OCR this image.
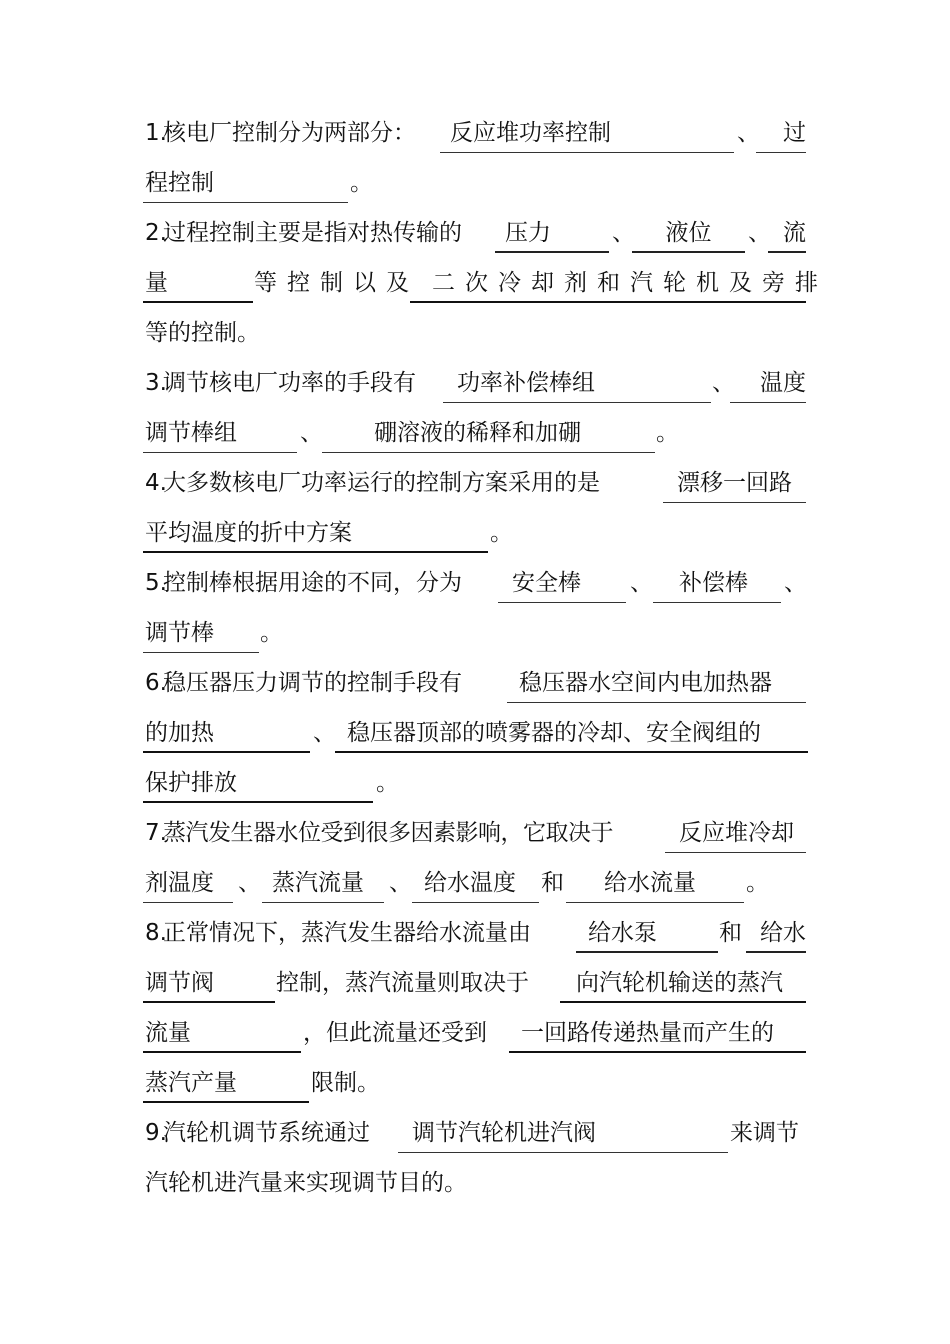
1.
核电厂控制分为两部分：	反应堆功率控制	、	过
程控制	。
2.
过程控制主要是指对热传输的	压力	、	液位	、 流
量	等控制以及 二次冷却剂和汽轮机及旁排
等的控制。
3.
调节核电厂功率的手段有	功率补偿棒组	、	温度
调节棒组	、	硼溶液的稀释和加硼	。
4.
大多数核电厂功率运行的控制方案采用的是	漂移一回路
平均温度的折中方案	。
5.
控制棒根据用途的不同，分为	安全棒	、	补偿棒	、
调节棒	。
6.
稳压器压力调节的控制手段有	稳压器水空间内电加热器
的加热	、 稳压器顶部的喷雾器的冷却、安全阀组的
保护排放	。
7.
蒸汽发生器水位受到很多因素影响，它取决于	反应堆冷却
剂温度	、 蒸汽流量	、 给水温度	和	给水流量	。
8.
正常情况下，蒸汽发生器给水流量由	给水泵	和 给水
调节阀	控制，蒸汽流量则取决于	向汽轮机输送的蒸汽
流量	，但此流量还受到	一回路传递热量而产生的
蒸汽产量	限制。
9.
汽轮机调节系统通过	调节汽轮机进汽阀	来调节
汽轮机进汽量来实现调节目的。
